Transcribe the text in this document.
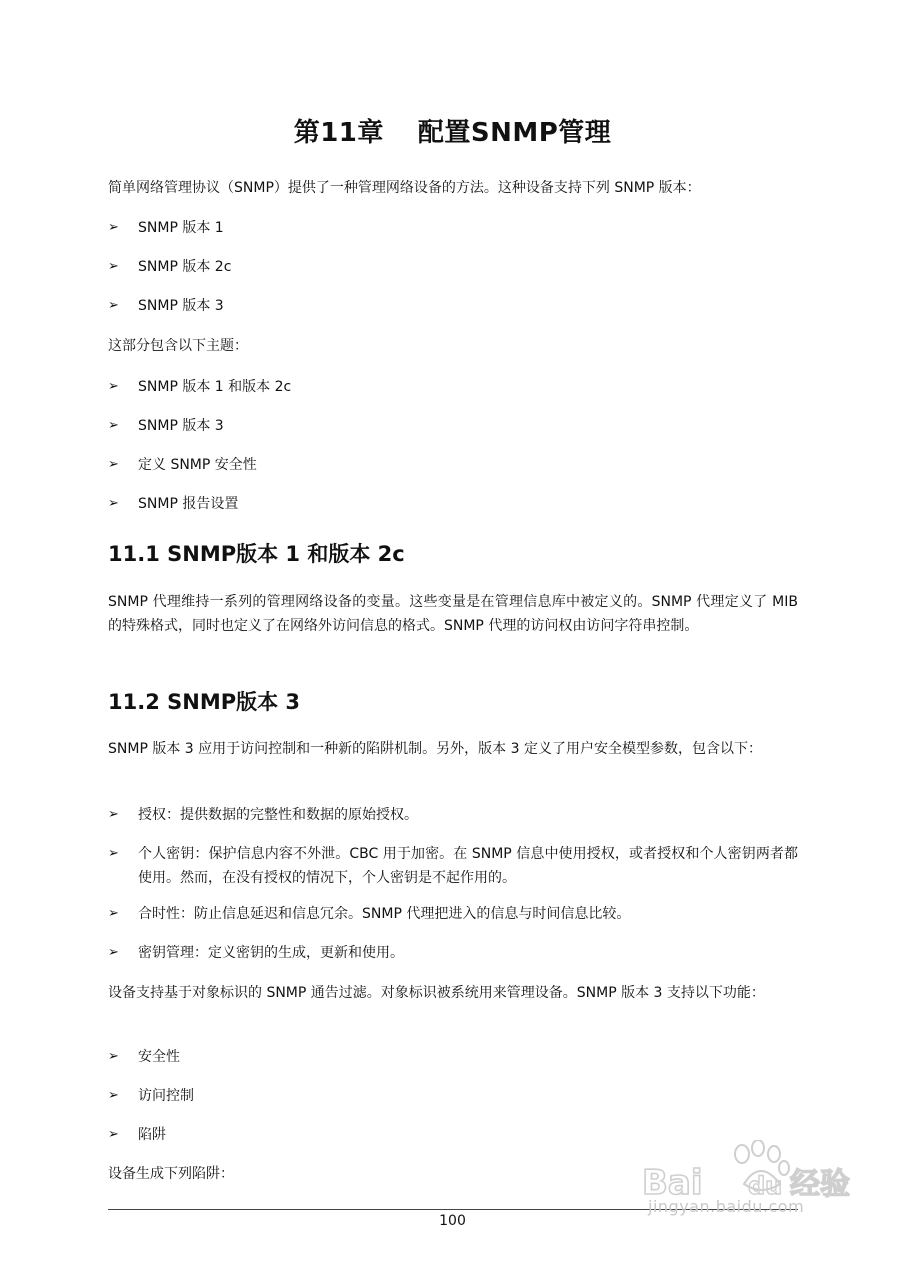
第11章 配置SNMP管理

简单网络管理协议（SNMP）提供了一种管理网络设备的方法。这种设备支持下列 SNMP 版本：

➢ SNMP 版本 1
➢ SNMP 版本 2c
➢ SNMP 版本 3

这部分包含以下主题：

➢ SNMP 版本 1 和版本 2c
➢ SNMP 版本 3
➢ 定义 SNMP 安全性
➢ SNMP 报告设置
11.1 SNMP版本 1 和版本 2c

SNMP 代理维持一系列的管理网络设备的变量。这些变量是在管理信息库中被定义的。SNMP 代理定义了 MIB 的特殊格式，同时也定义了在网络外访问信息的格式。SNMP 代理的访问权由访问字符串控制。

11.2 SNMP版本 3

SNMP 版本 3 应用于访问控制和一种新的陷阱机制。另外，版本 3 定义了用户安全模型参数，包含以下：

➢ 授权：提供数据的完整性和数据的原始授权。
➢ 个人密钥：保护信息内容不外泄。CBC 用于加密。在 SNMP 信息中使用授权，或者授权和个人密钥两者都使用。然而，在没有授权的情况下，个人密钥是不起作用的。
➢ 合时性：防止信息延迟和信息冗余。SNMP 代理把进入的信息与时间信息比较。
➢ 密钥管理：定义密钥的生成，更新和使用。

设备支持基于对象标识的 SNMP 通告过滤。对象标识被系统用来管理设备。SNMP 版本 3 支持以下功能：

➢ 安全性
➢ 访问控制
➢ 陷阱

设备生成下列陷阱：	Bai du 经验
100
jingyan.baidu.com
